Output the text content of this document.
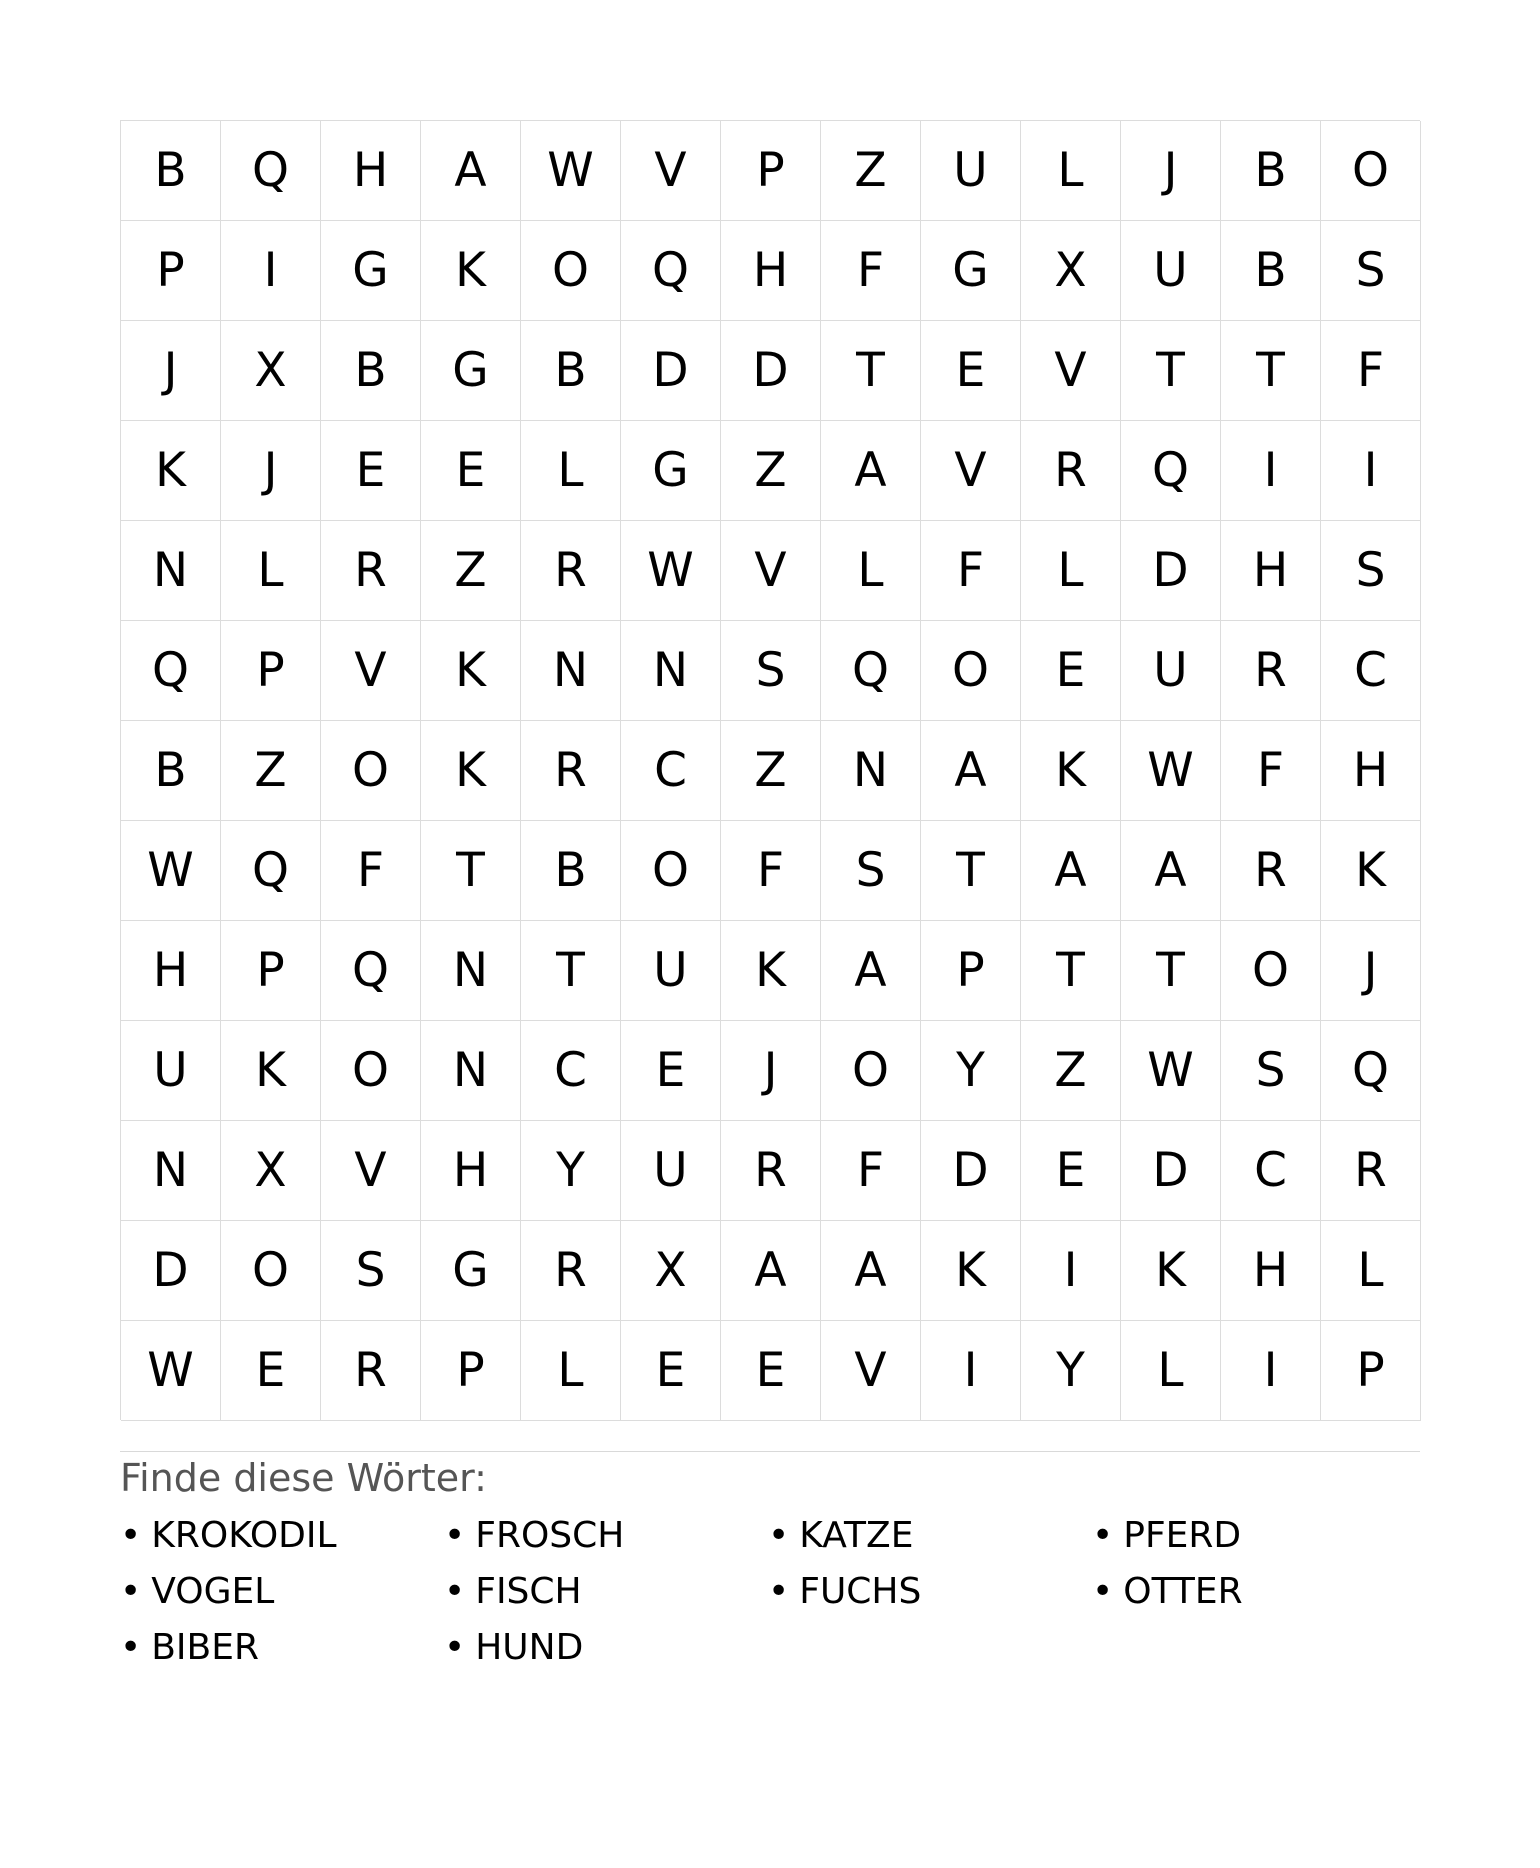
B	Q	H	A	W	V	P	Z	U	L	J	B	O
P	I	G	K	O	Q	H	F	G	X	U	B	S
J	X	B	G	B	D	D	T	E	V	T	T	F
K	J	E	E	L	G	Z	A	V	R	Q	I	I
N	L	R	Z	R	W	V	L	F	L	D	H	S
Q	P	V	K	N	N	S	Q	O	E	U	R	C
B	Z	O	K	R	C	Z	N	A	K	W	F	H
W	Q	F	T	B	O	F	S	T	A	A	R	K
H	P	Q	N	T	U	K	A	P	T	T	O	J
U	K	O	N	C	E	J	O	Y	Z	W	S	Q
N	X	V	H	Y	U	R	F	D	E	D	C	R
D	O	S	G	R	X	A	A	K	I	K	H	L
W	E	R	P	L	E	E	V	I	Y	L	I	P
Finde diese Wörter:
• KROKODIL	• FROSCH	• KATZE	• PFERD
• VOGEL	• FISCH	• FUCHS	• OTTER
• BIBER	• HUND
